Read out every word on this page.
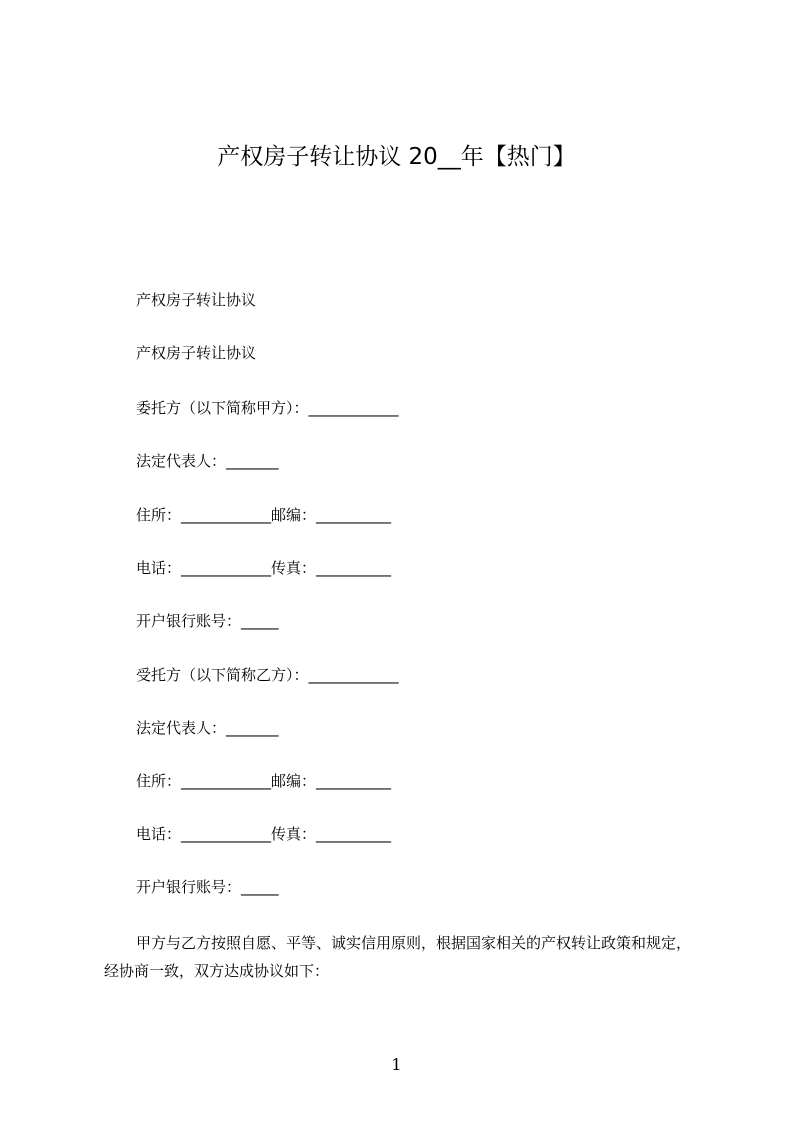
产权房子转让协议 20__年【热门】
产权房子转让协议
产权房子转让协议
委托方（以下简称甲方）：____________
法定代表人：_______
住所：____________邮编：__________
电话：____________传真：__________
开户银行账号：_____
受托方（以下简称乙方）：____________
法定代表人：_______
住所：____________邮编：__________
电话：____________传真：__________
开户银行账号：_____
甲方与乙方按照自愿、平等、诚实信用原则，根据国家相关的产权转让政策和规定，经协商一致，双方达成协议如下：
1
